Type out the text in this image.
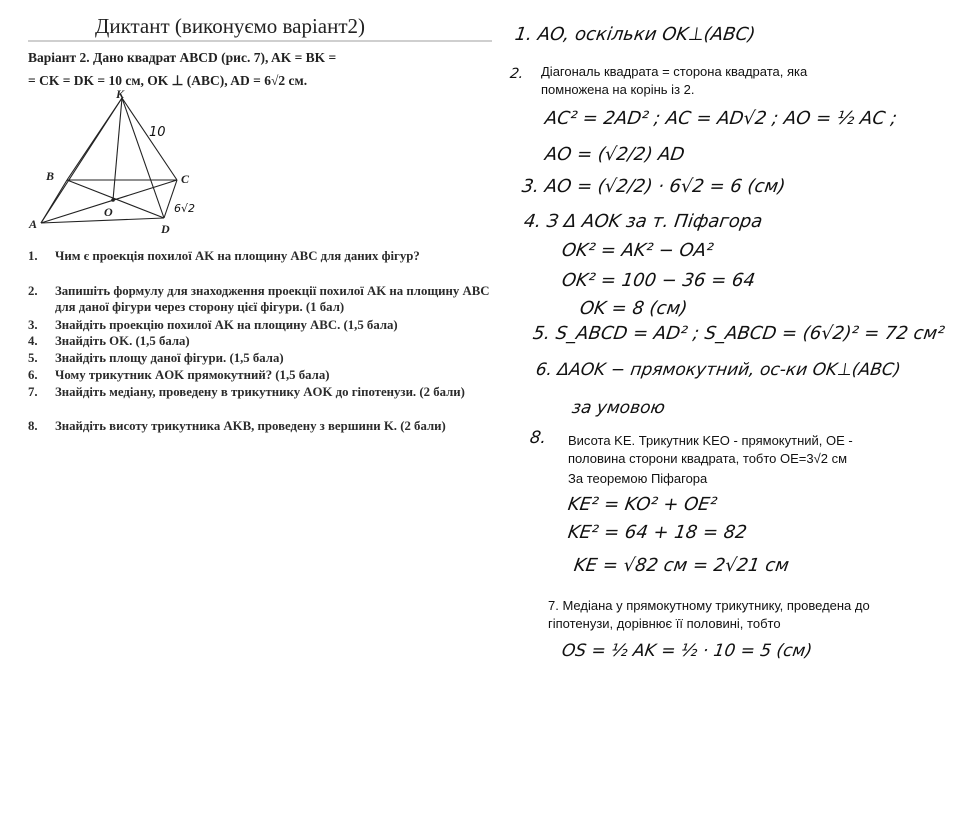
Диктант (виконуємо варіант2)
Варіант 2. Дано квадрат ABCD (рис. 7), AK = BK =
= CK = DK = 10 см, OK ⊥ (ABC), AD = 6√2 см.
K
B	C
A	D
O
10
6√2
1.	Чим є проекція похилої AK на площину ABC для даних фігур?
2.	Запишіть формулу для знаходження проекції похилої AK на площину ABC для даної фігури через сторону цієї фігури. (1 бал)
3.	Знайдіть проекцію похилої AK на площину ABC. (1,5 бала)
4.	Знайдіть OK. (1,5 бала)
5.	Знайдіть площу даної фігури. (1,5 бала)
6.	Чому трикутник AOK прямокутний? (1,5 бала)
7.	Знайдіть медіану, проведену в трикутнику AOK до гіпотенузи. (2 бали)
8.	Знайдіть висоту трикутника AKB, проведену з вершини K. (2 бали)
1. AO, оскільки OK⊥(ABC)
2. Діагональ квадрата = сторона квадрата, яка помножена на корінь із 2.
AC² = 2AD² ; AC = AD√2 ; AO = ½ AC ;
AO = (√2/2) AD
3. AO = (√2/2) · 6√2 = 6 (см)
4. З Δ AOK за т. Піфагора
OK² = AK² − OA²
OK² = 100 − 36 = 64
OK = 8 (см)
5. S_ABCD = AD² ; S_ABCD = (6√2)² = 72 см²
6. ΔAOK − прямокутний, ос-ки OK⊥(ABC)
за умовою
8. Висота KE. Трикутник KEO - прямокутний, OE - половина сторони квадрата, тобто OE=3√2 см
За теоремою Піфагора
KE² = KO² + OE²
KE² = 64 + 18 = 82
KE = √82 см = 2√21 см
7. Медіана у прямокутному трикутнику, проведена до гіпотенузи, дорівнює її половині, тобто
OS = ½ AK = ½ · 10 = 5 (см)
